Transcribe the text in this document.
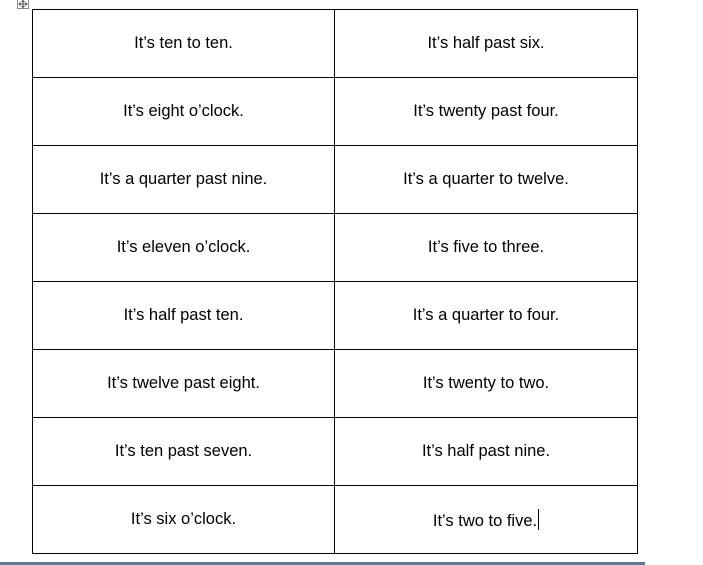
It’s ten to ten.	It’s half past six.
It’s eight o’clock.	It’s twenty past four.
It’s a quarter past nine.	It’s a quarter to twelve.
It’s eleven o’clock.	It’s five to three.
It’s half past ten.	It’s a quarter to four.
It’s twelve past eight.	It’s twenty to two.
It’s ten past seven.	It’s half past nine.
It’s six o’clock.	It’s two to five.
